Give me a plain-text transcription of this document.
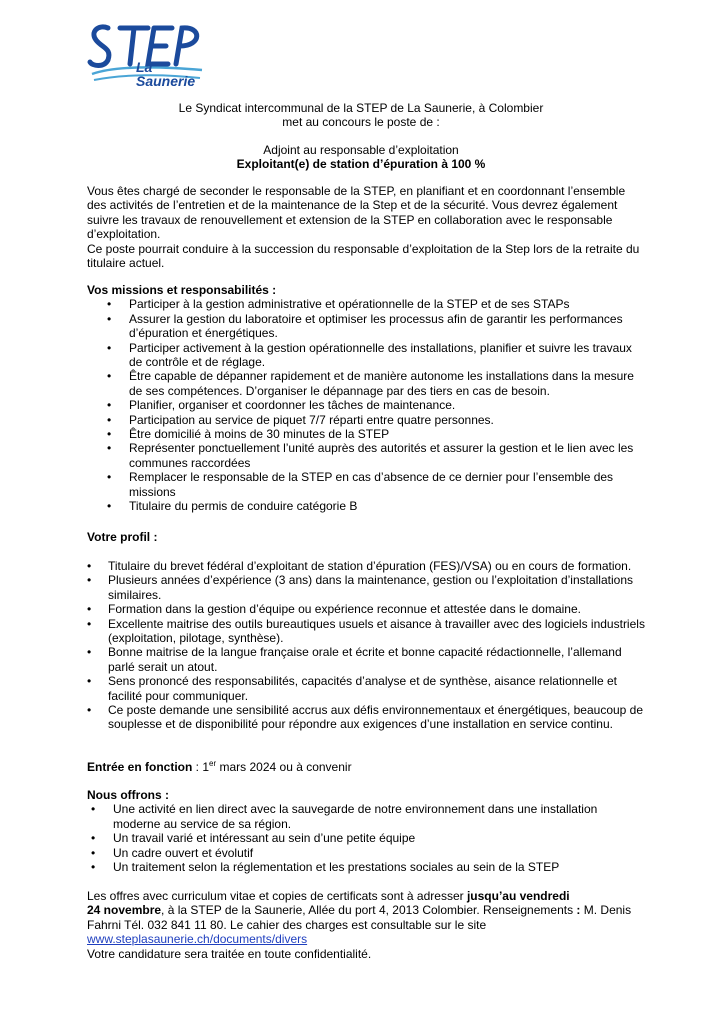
La Saunerie

Le Syndicat intercommunal de la STEP de La Saunerie, à Colombier

met au concours le poste de :

Adjoint au responsable d’exploitation

Exploitant(e) de station d’épuration à 100 %

Vous êtes chargé de seconder le responsable de la STEP, en planifiant et en coordonnant l’ensemble des activités de l’entretien et de la maintenance de la Step et de la sécurité. Vous devrez également suivre les travaux de renouvellement et extension de la STEP en collaboration avec le responsable d’exploitation.

Ce poste pourrait conduire à la succession du responsable d’exploitation de la Step lors de la retraite du titulaire actuel.

Vos missions et responsabilités :

• Participer à la gestion administrative et opérationnelle de la STEP et de ses STAPs
• Assurer la gestion du laboratoire et optimiser les processus afin de garantir les performances d’épuration et énergétiques.
• Participer activement à la gestion opérationnelle des installations, planifier et suivre les travaux de contrôle et de réglage.
• Être capable de dépanner rapidement et de manière autonome les installations dans la mesure de ses compétences. D’organiser le dépannage par des tiers en cas de besoin.
• Planifier, organiser et coordonner les tâches de maintenance.
• Participation au service de piquet 7/7 réparti entre quatre personnes.
• Être domicilié à moins de 30 minutes de la STEP
• Représenter ponctuellement l’unité auprès des autorités et assurer la gestion et le lien avec les communes raccordées
• Remplacer le responsable de la STEP en cas d’absence de ce dernier pour l’ensemble des missions
• Titulaire du permis de conduire catégorie B

Votre profil :

• Titulaire du brevet fédéral d’exploitant de station d’épuration (FES)/VSA) ou en cours de formation.
• Plusieurs années d’expérience (3 ans) dans la maintenance, gestion ou l’exploitation d’installations similaires.
• Formation dans la gestion d’équipe ou expérience reconnue et attestée dans le domaine.
• Excellente maitrise des outils bureautiques usuels et aisance à travailler avec des logiciels industriels (exploitation, pilotage, synthèse).
• Bonne maitrise de la langue française orale et écrite et bonne capacité rédactionnelle, l’allemand parlé serait un atout.
• Sens prononcé des responsabilités, capacités d’analyse et de synthèse, aisance relationnelle et facilité pour communiquer.
• Ce poste demande une sensibilité accrus aux défis environnementaux et énergétiques, beaucoup de souplesse et de disponibilité pour répondre aux exigences d’une installation en service continu.

Entrée en fonction : 1er mars 2024 ou à convenir

Nous offrons :

• Une activité en lien direct avec la sauvegarde de notre environnement dans une installation moderne au service de sa région.
• Un travail varié et intéressant au sein d’une petite équipe
• Un cadre ouvert et évolutif
• Un traitement selon la réglementation et les prestations sociales au sein de la STEP

Les offres avec curriculum vitae et copies de certificats sont à adresser jusqu’au vendredi
24 novembre, à la STEP de la Saunerie, Allée du port 4, 2013 Colombier. Renseignements : M. Denis Fahrni Tél. 032 841 11 80. Le cahier des charges est consultable sur le site

www.steplasaunerie.ch/documents/divers

Votre candidature sera traitée en toute confidentialité.
